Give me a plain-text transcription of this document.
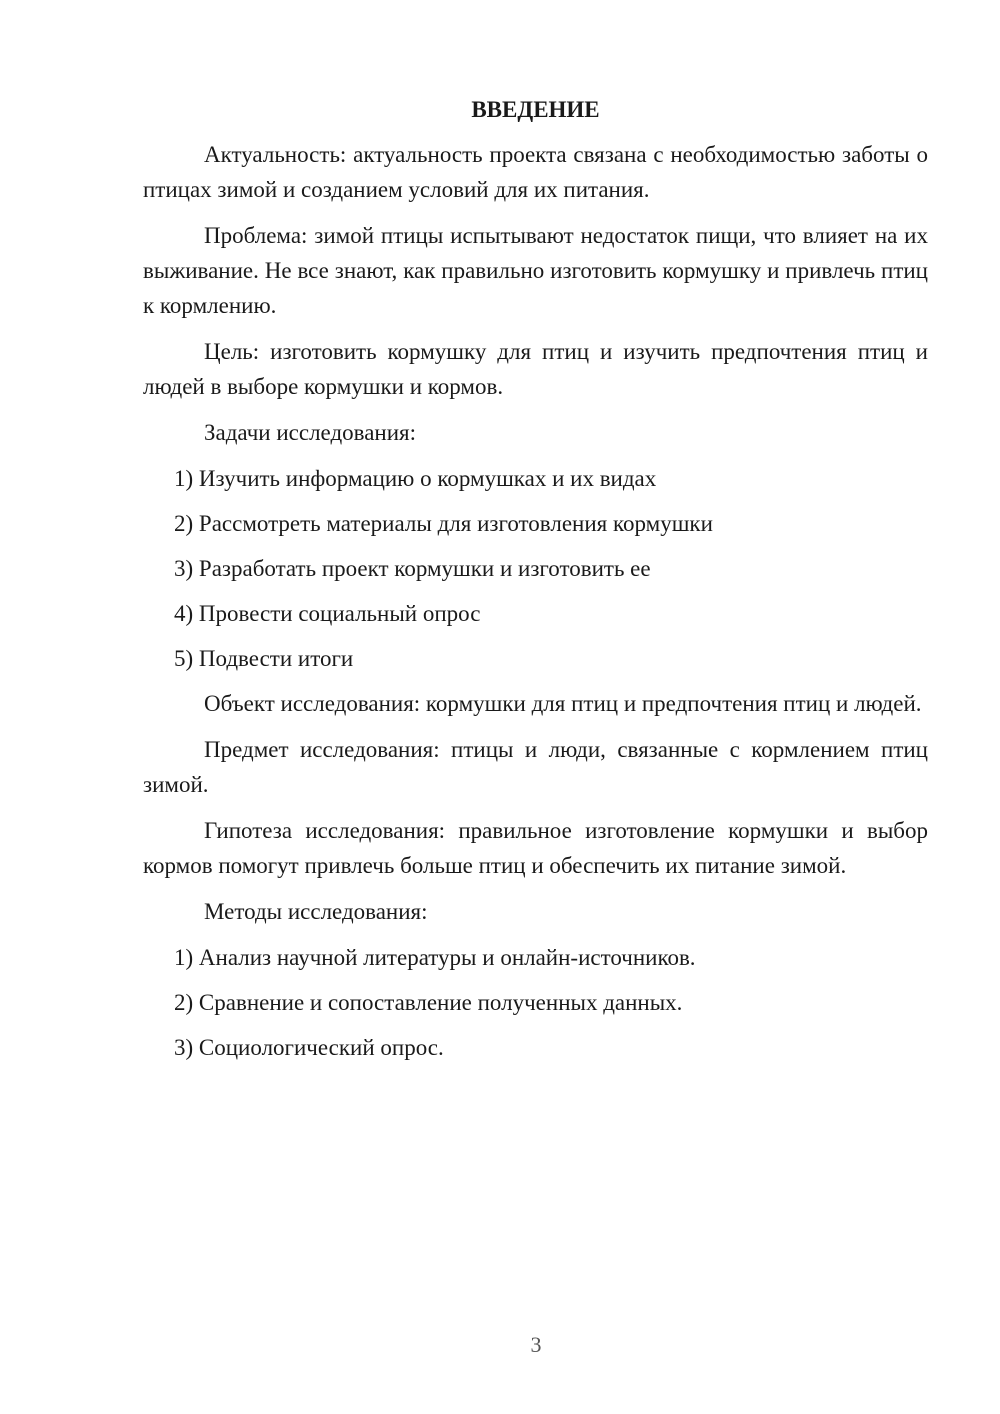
ВВЕДЕНИЕ

Актуальность: актуальность проекта связана с необходимостью заботы о птицах зимой и созданием условий для их питания.

Проблема: зимой птицы испытывают недостаток пищи, что влияет на их выживание. Не все знают, как правильно изготовить кормушку и привлечь птиц к кормлению.

Цель: изготовить кормушку для птиц и изучить предпочтения птиц и людей в выборе кормушки и кормов.

Задачи исследования:

1) Изучить информацию о кормушках и их видах
2) Рассмотреть материалы для изготовления кормушки
3) Разработать проект кормушки и изготовить ее
4) Провести социальный опрос
5) Подвести итоги

Объект исследования: кормушки для птиц и предпочтения птиц и людей.

Предмет исследования: птицы и люди, связанные с кормлением птиц зимой.

Гипотеза исследования: правильное изготовление кормушки и выбор кормов помогут привлечь больше птиц и обеспечить их питание зимой.

Методы исследования:

1) Анализ научной литературы и онлайн-источников.
2) Сравнение и сопоставление полученных данных.
3) Социологический опрос.
3
